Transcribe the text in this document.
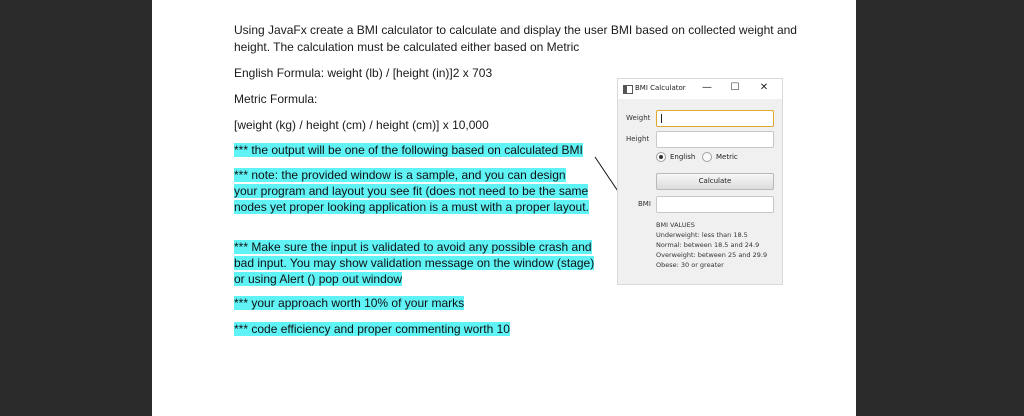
Using JavaFx create a BMI calculator to calculate and display the user BMI based on collected weight and
height. The calculation must be calculated either based on Metric
English Formula: weight (lb) / [height (in)]2 x 703
Metric Formula:
[weight (kg) / height (cm) / height (cm)] x 10,000
*** the output will be one of the following based on calculated BMI
*** note: the provided window is a sample, and you can design your program and layout you see fit (does not need to be the same nodes yet proper looking application is a must with a proper layout.
*** Make sure the input is validated to avoid any possible crash and bad input. You may show validation message on the window (stage) or using Alert () pop out window
*** your approach worth 10% of your marks
*** code efficiency and proper commenting worth 10
BMI Calculator — ☐ ✕
Weight
Height
English	Metric
Calculate
BMI
BMI VALUES
Underweight: less than 18.5
Normal: between 18.5 and 24.9
Overweight: between 25 and 29.9
Obese: 30 or greater
